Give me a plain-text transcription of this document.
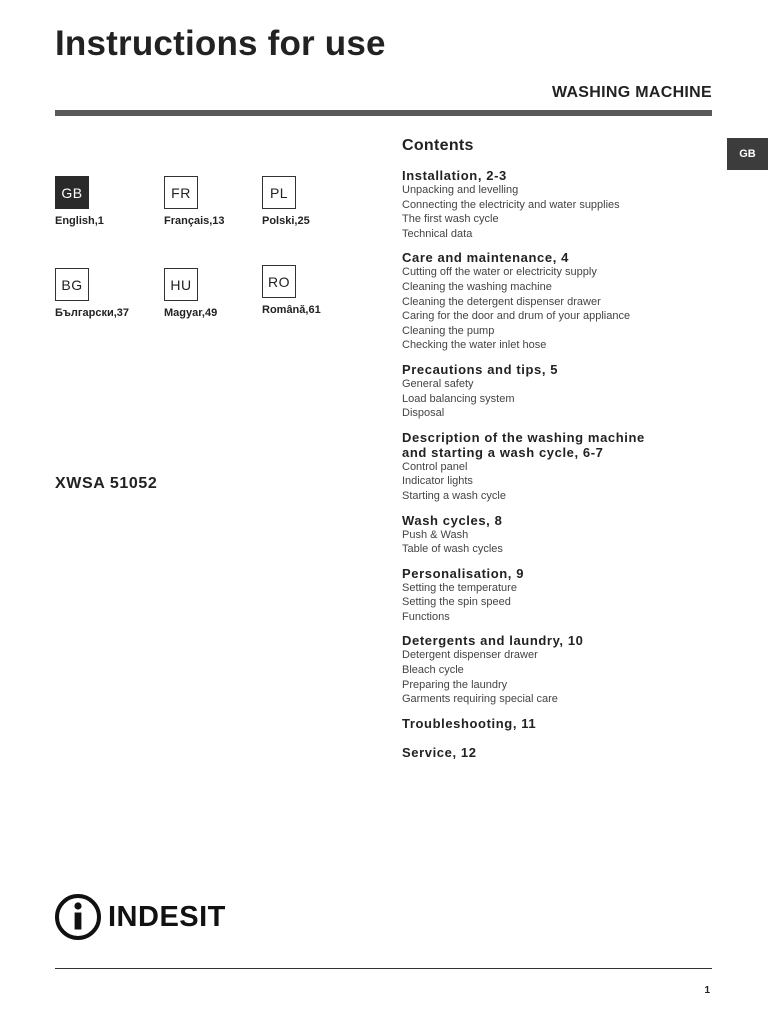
Instructions for use
WASHING MACHINE
GB
GB
English,1
FR
Français,13
PL
Polski,25
BG
Български,37
HU
Magyar,49
RO
Română,61
XWSA 51052
Contents
Installation, 2-3
Unpacking and levelling
Connecting the electricity and water supplies
The first wash cycle
Technical data
Care and maintenance, 4
Cutting off the water or electricity supply
Cleaning the washing machine
Cleaning the detergent dispenser drawer
Caring for the door and drum of your appliance
Cleaning the pump
Checking the water inlet hose
Precautions and tips, 5
General safety
Load balancing system
Disposal
Description of the washing machine
and starting a wash cycle, 6-7
Control panel
Indicator lights
Starting a wash cycle
Wash cycles, 8
Push & Wash
Table of wash cycles
Personalisation, 9
Setting the temperature
Setting the spin speed
Functions
Detergents and laundry, 10
Detergent dispenser drawer
Bleach cycle
Preparing the laundry
Garments requiring special care
Troubleshooting, 11
Service, 12
INDESIT
1
